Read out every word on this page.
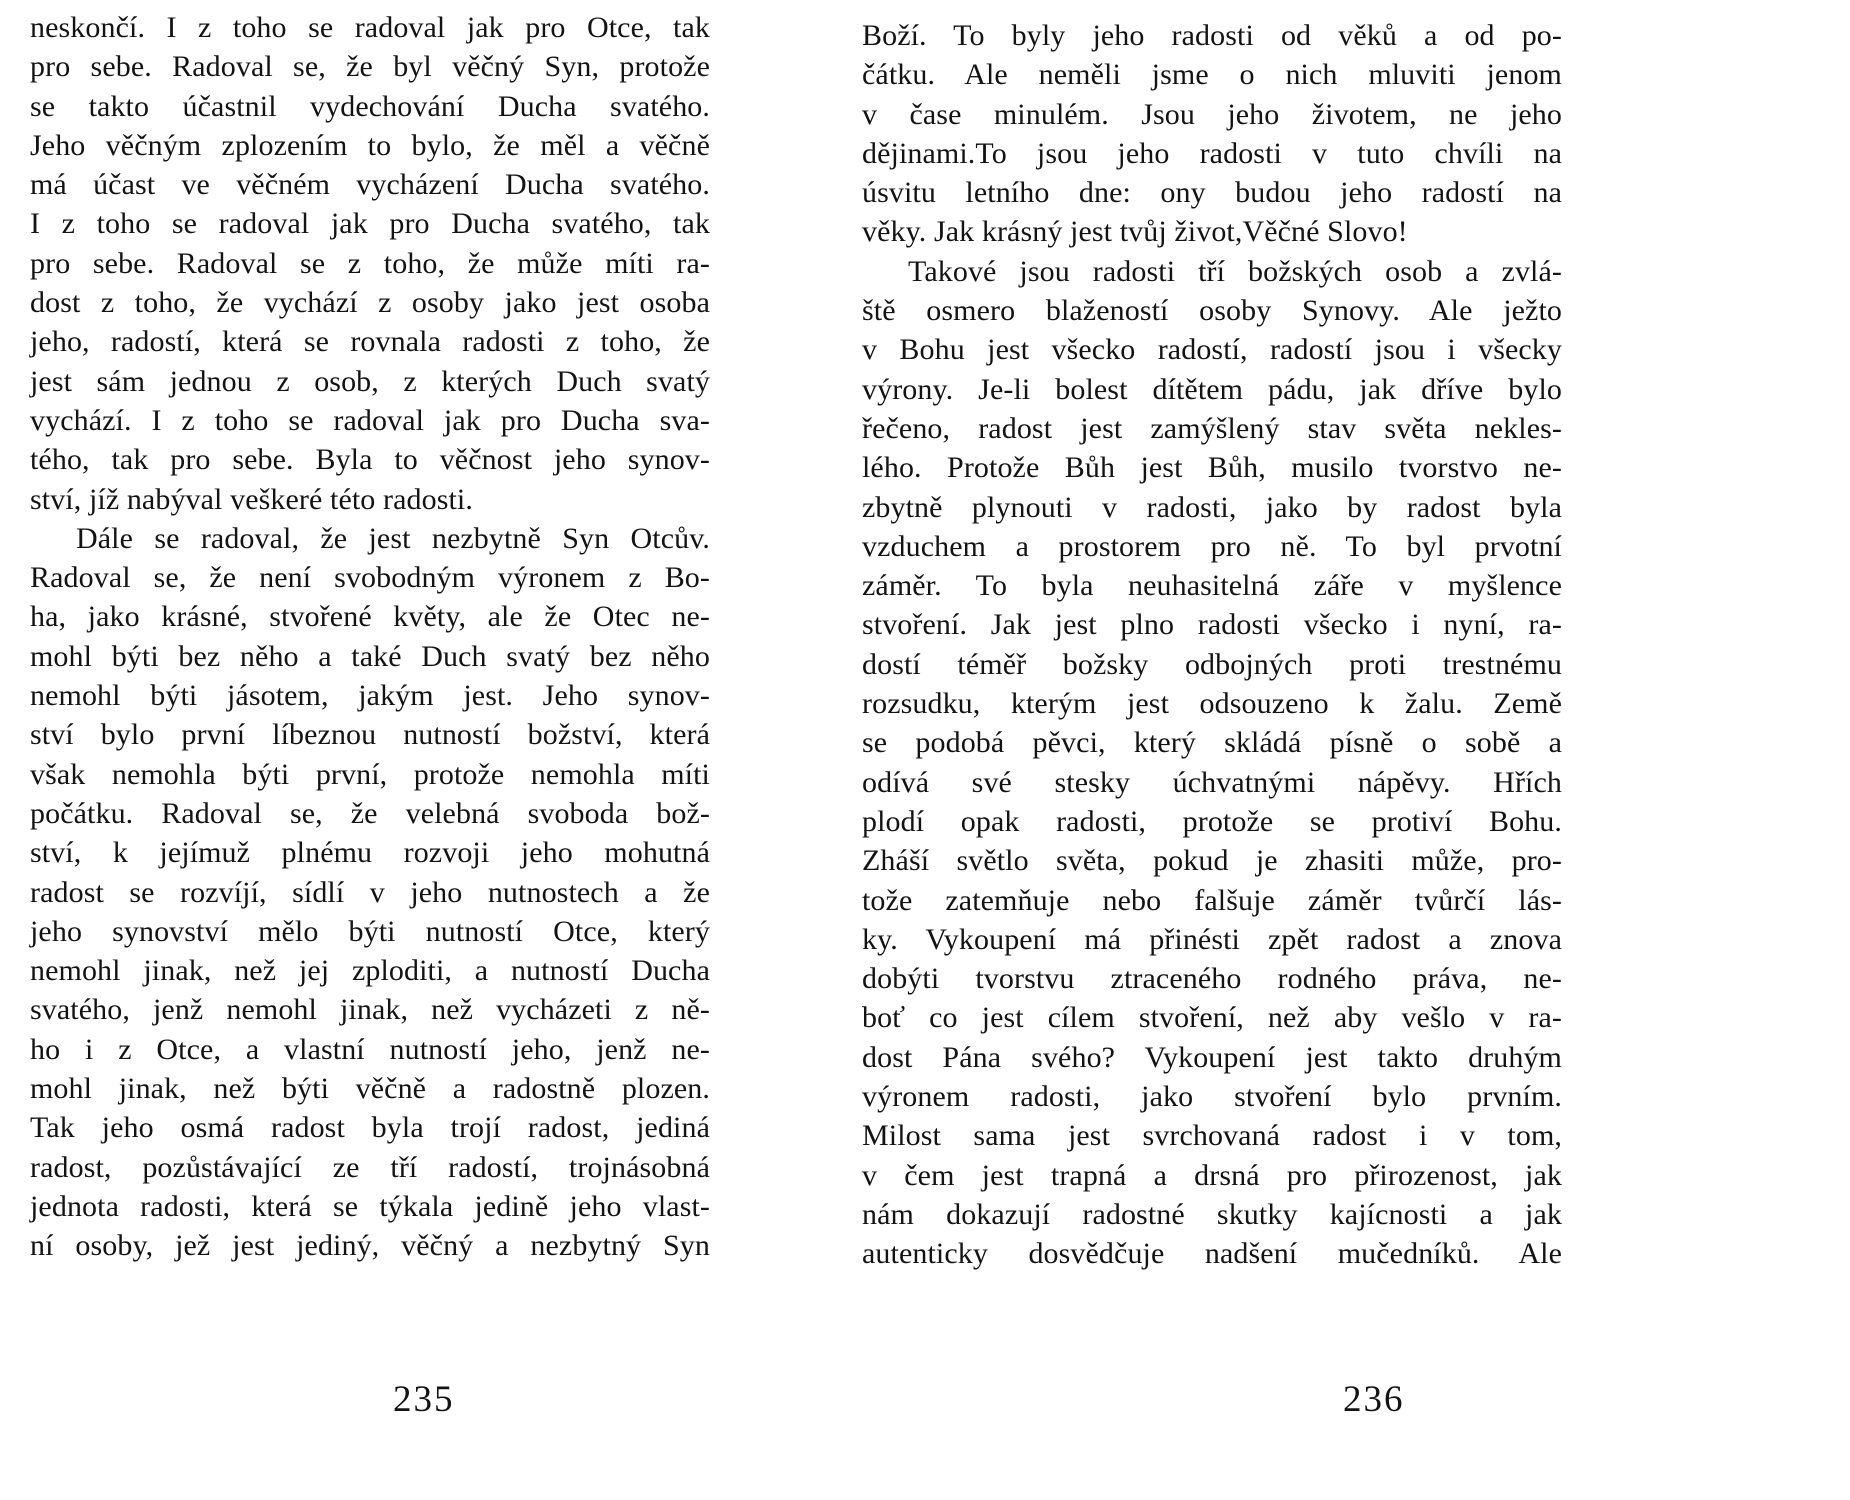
neskončí. I z toho se radoval jak pro Otce, tak
pro sebe. Radoval se, že byl věčný Syn, protože
se takto účastnil vydechování Ducha svatého.
Jeho věčným zplozením to bylo, že měl a věčně
má účast ve věčném vycházení Ducha svatého.
I z toho se radoval jak pro Ducha svatého, tak
pro sebe. Radoval se z toho, že může míti ra-
dost z toho, že vychází z osoby jako jest osoba
jeho, radostí, která se rovnala radosti z toho, že
jest sám jednou z osob, z kterých Duch svatý
vychází. I z toho se radoval jak pro Ducha sva-
tého, tak pro sebe. Byla to věčnost jeho synov-
ství, jíž nabýval veškeré této radosti.
Dále se radoval, že jest nezbytně Syn Otcův.
Radoval se, že není svobodným výronem z Bo-
ha, jako krásné, stvořené květy, ale že Otec ne-
mohl býti bez něho a také Duch svatý bez něho
nemohl býti jásotem, jakým jest. Jeho synov-
ství bylo první líbeznou nutností božství, která
však nemohla býti první, protože nemohla míti
počátku. Radoval se, že velebná svoboda bož-
ství, k jejímuž plnému rozvoji jeho mohutná
radost se rozvíjí, sídlí v jeho nutnostech a že
jeho synovství mělo býti nutností Otce, který
nemohl jinak, než jej zploditi, a nutností Ducha
svatého, jenž nemohl jinak, než vycházeti z ně-
ho i z Otce, a vlastní nutností jeho, jenž ne-
mohl jinak, než býti věčně a radostně plozen.
Tak jeho osmá radost byla trojí radost, jediná
radost, pozůstávající ze tří radostí, trojnásobná
jednota radosti, která se týkala jedině jeho vlast-
ní osoby, jež jest jediný, věčný a nezbytný Syn
Boží. To byly jeho radosti od věků a od po-
čátku. Ale neměli jsme o nich mluviti jenom
v čase minulém. Jsou jeho životem, ne jeho
dějinami.To jsou jeho radosti v tuto chvíli na
úsvitu letního dne: ony budou jeho radostí na
věky. Jak krásný jest tvůj život,Věčné Slovo!
Takové jsou radosti tří božských osob a zvlá-
ště osmero blažeností osoby Synovy. Ale ježto
v Bohu jest všecko radostí, radostí jsou i všecky
výrony. Je-li bolest dítětem pádu, jak dříve bylo
řečeno, radost jest zamýšlený stav světa nekles-
lého. Protože Bůh jest Bůh, musilo tvorstvo ne-
zbytně plynouti v radosti, jako by radost byla
vzduchem a prostorem pro ně. To byl prvotní
záměr. To byla neuhasitelná záře v myšlence
stvoření. Jak jest plno radosti všecko i nyní, ra-
dostí téměř božsky odbojných proti trestnému
rozsudku, kterým jest odsouzeno k žalu. Země
se podobá pěvci, který skládá písně o sobě a
odívá své stesky úchvatnými nápěvy. Hřích
plodí opak radosti, protože se protiví Bohu.
Zháší světlo světa, pokud je zhasiti může, pro-
tože zatemňuje nebo falšuje záměr tvůrčí lás-
ky. Vykoupení má přinésti zpět radost a znova
dobýti tvorstvu ztraceného rodného práva, ne-
boť co jest cílem stvoření, než aby vešlo v ra-
dost Pána svého? Vykoupení jest takto druhým
výronem radosti, jako stvoření bylo prvním.
Milost sama jest svrchovaná radost i v tom,
v čem jest trapná a drsná pro přirozenost, jak
nám dokazují radostné skutky kajícnosti a jak
autenticky dosvědčuje nadšení mučedníků. Ale
235	236
